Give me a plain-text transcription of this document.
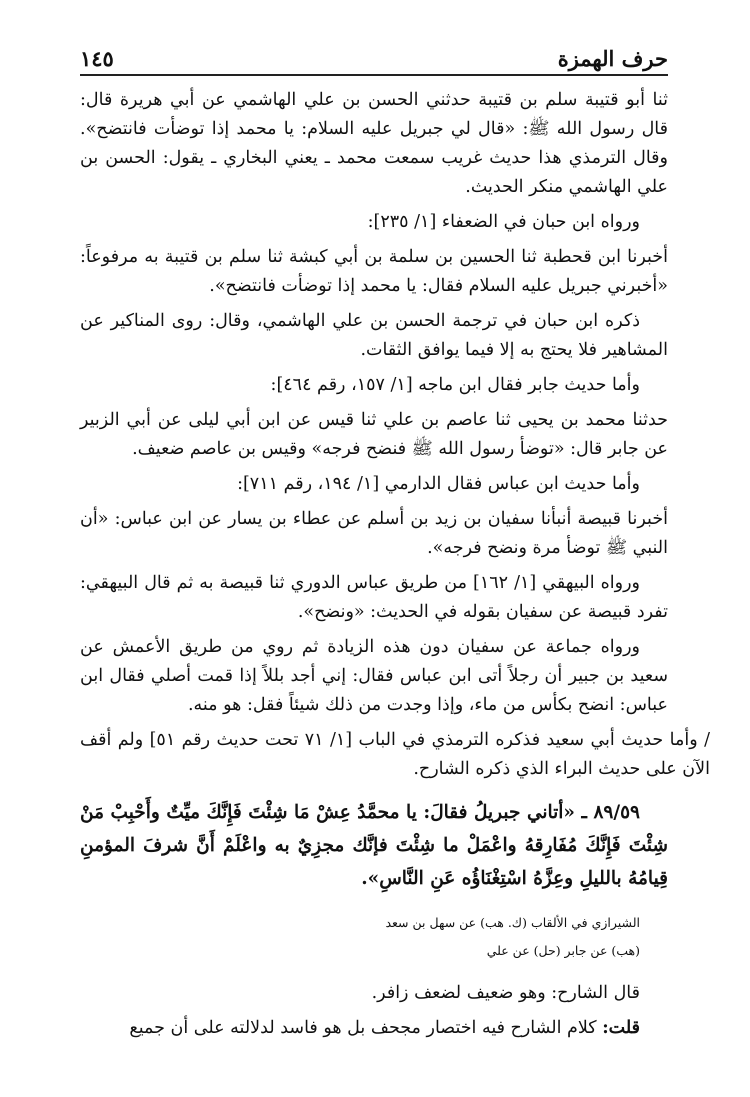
حرف الهمزة
١٤٥

ثنا أبو قتيبة سلم بن قتيبة حدثني الحسن بن علي الهاشمي عن أبي هريرة قال: قال رسول الله ﷺ: «قال لي جبريل عليه السلام: يا محمد إذا توضأت فانتضح». وقال الترمذي هذا حديث غريب سمعت محمد ـ يعني البخاري ـ يقول: الحسن بن علي الهاشمي منكر الحديث.

ورواه ابن حبان في الضعفاء [١/ ٢٣٥]:

أخبرنا ابن قحطبة ثنا الحسين بن سلمة بن أبي كبشة ثنا سلم بن قتيبة به مرفوعاً: «أخبرني جبريل عليه السلام فقال: يا محمد إذا توضأت فانتضح».

ذكره ابن حبان في ترجمة الحسن بن علي الهاشمي، وقال: روى المناكير عن المشاهير فلا يحتج به إلا فيما يوافق الثقات.

وأما حديث جابر فقال ابن ماجه [١/ ١٥٧، رقم ٤٦٤]:

حدثنا محمد بن يحيى ثنا عاصم بن علي ثنا قيس عن ابن أبي ليلى عن أبي الزبير عن جابر قال: «توضأ رسول الله ﷺ فنضح فرجه» وقيس بن عاصم ضعيف.

وأما حديث ابن عباس فقال الدارمي [١/ ١٩٤، رقم ٧١١]:

أخبرنا قبيصة أنبأنا سفيان بن زيد بن أسلم عن عطاء بن يسار عن ابن عباس: «أن النبي ﷺ توضأ مرة ونضح فرجه».

ورواه البيهقي [١/ ١٦٢] من طريق عباس الدوري ثنا قبيصة به ثم قال البيهقي: تفرد قبيصة عن سفيان بقوله في الحديث: «ونضح».

ورواه جماعة عن سفيان دون هذه الزيادة ثم روي من طريق الأعمش عن سعيد بن جبير أن رجلاً أتى ابن عباس فقال: إني أجد بللاً إذا قمت أصلي فقال ابن عباس: انضح بكأس من ماء، وإذا وجدت من ذلك شيئاً فقل: هو منه.

/ وأما حديث أبي سعيد فذكره الترمذي في الباب [١/ ٧١ تحت حديث رقم ٥١] ولم أقف الآن على حديث البراء الذي ذكره الشارح.

٨٩/٥٩ ـ «أتاني جبريلُ فقالَ: يا محمَّدُ عِشْ مَا شِئْتَ فَإِنَّكَ ميِّتٌ وأَحْبِبْ مَنْ شِئْتَ فَإِنَّكَ مُفَارِقهُ واعْمَلْ ما شِئْتَ فإنَّك مجزِيٌ به واعْلَمْ أَنَّ شرفَ المؤمنِ قِيامُهُ بالليلِ وعِزَّهُ اسْتِغْنَاؤُه عَنِ النَّاسِ».

الشيرازي في الألقاب (ك. هب) عن سهل بن سعد

(هب) عن جابر (حل) عن علي

قال الشارح: وهو ضعيف لضعف زافر.

قلت: كلام الشارح فيه اختصار مجحف بل هو فاسد لدلالته على أن جميع
